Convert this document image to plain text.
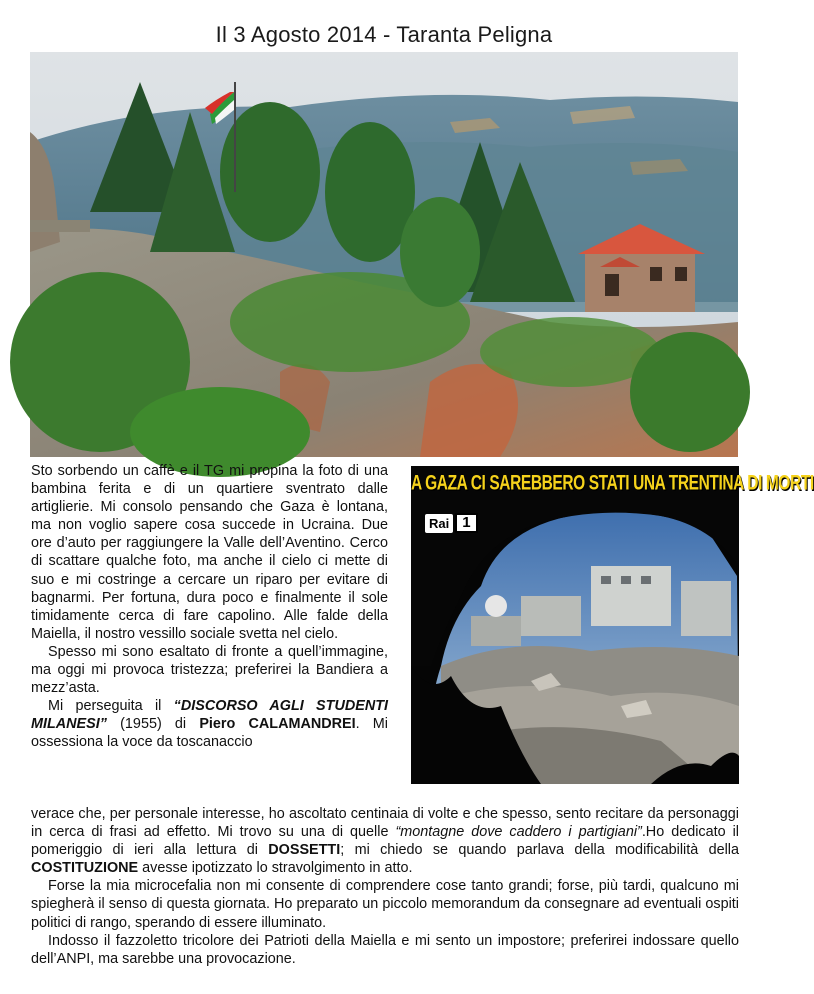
Il 3 Agosto 2014 - Taranta Peligna
A GAZA CI SAREBBERO STATI UNA TRENTINA DI MORTI
Rai 1

Sto sorbendo un caffè e il TG mi propina la foto di una bambina ferita e di un quartiere sventrato dalle artiglierie. Mi consolo pensando che Gaza è lontana, ma non voglio sapere cosa succede in Ucraina. Due ore d’auto per raggiungere la Valle dell’Aventino. Cerco di scattare qualche foto, ma anche il cielo ci mette di suo e mi costringe a cercare un riparo per evitare di bagnarmi. Per fortuna, dura poco e finalmente il sole timidamente cerca di fare capolino. Alle falde della Maiella, il nostro vessillo sociale svetta nel cielo.

Spesso mi sono esaltato di fronte a quell’immagine, ma oggi mi provoca tristezza; preferirei la Bandiera a mezz’asta.

Mi perseguita il “DISCORSO AGLI STUDENTI MILANESI” (1955) di Piero CALAMANDREI. Mi ossessiona la voce da toscanaccio

verace che, per personale interesse, ho ascoltato centinaia di volte e che spesso, sento recitare da personaggi in cerca di frasi ad effetto. Mi trovo su una di quelle “montagne dove caddero i partigiani”.Ho dedicato il pomeriggio di ieri alla lettura di DOSSETTI; mi chiedo se quando parlava della modificabilità della COSTITUZIONE avesse ipotizzato lo stravolgimento in atto.

Forse la mia microcefalia non mi consente di comprendere cose tanto grandi; forse, più tardi, qualcuno mi spiegherà il senso di questa giornata. Ho preparato un piccolo memorandum da consegnare ad eventuali ospiti politici di rango, sperando di essere illuminato.

Indosso il fazzoletto tricolore dei Patrioti della Maiella e mi sento un impostore; preferirei indossare quello dell’ANPI, ma sarebbe una provocazione.
